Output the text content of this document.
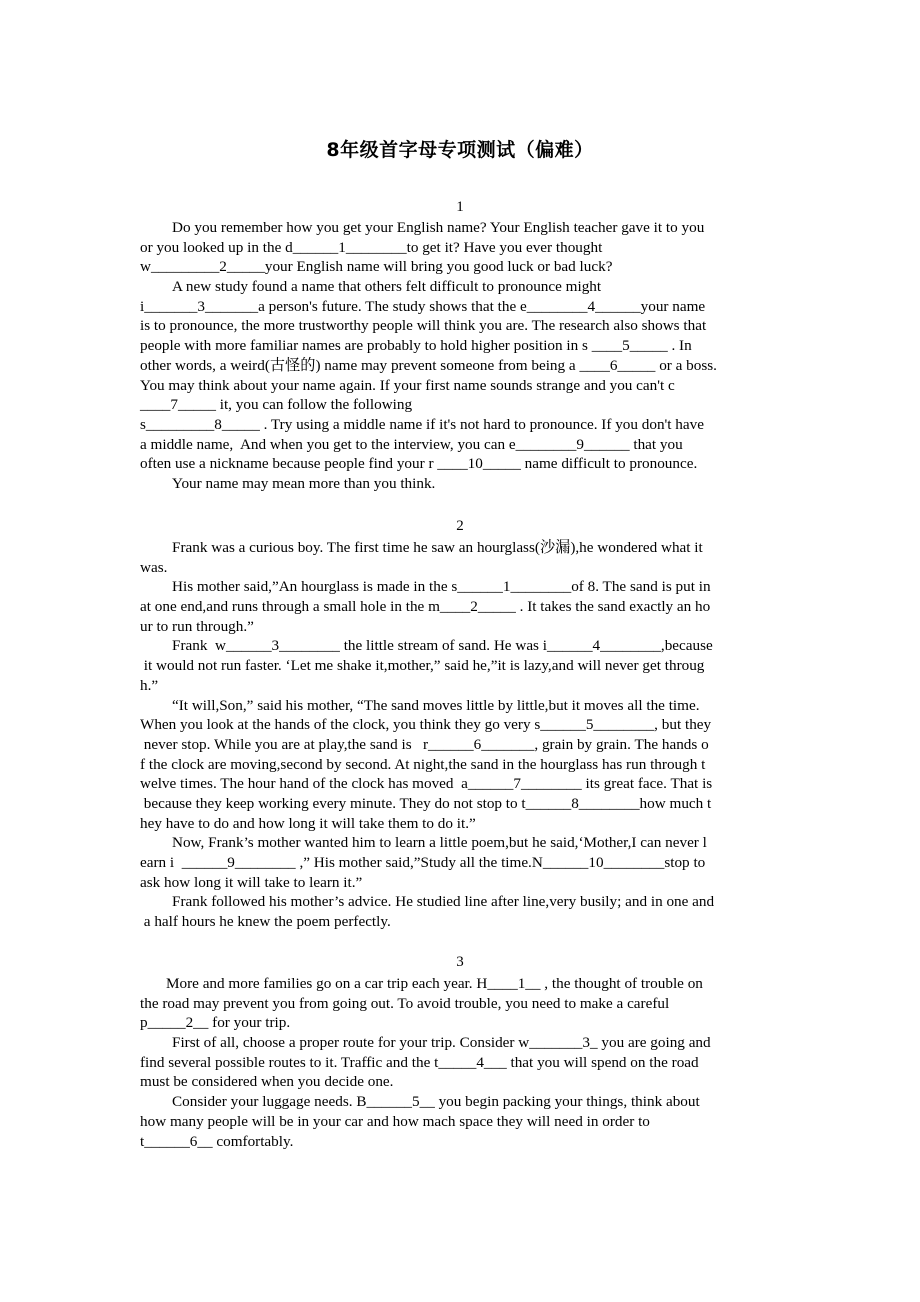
8年级首字母专项测试（偏难）
1
Do you remember how you get your English name? Your English teacher gave it to you
or you looked up in the d______1________to get it? Have you ever thought
w_________2_____your English name will bring you good luck or bad luck?
A new study found a name that others felt difficult to pronounce might
i_______3_______a person's future. The study shows that the e________4______your name
is to pronounce, the more trustworthy people will think you are. The research also shows that
people with more familiar names are probably to hold higher position in s ____5_____ . In
other words, a weird(古怪的) name may prevent someone from being a ____6_____ or a boss.
You may think about your name again. If your first name sounds strange and you can't c
____7_____ it, you can follow the following
s_________8_____ . Try using a middle name if it's not hard to pronounce. If you don't have
a middle name,  And when you get to the interview, you can e________9______ that you
often use a nickname because people find your r ____10_____ name difficult to pronounce.
Your name may mean more than you think.
2
Frank was a curious boy. The first time he saw an hourglass(沙漏),he wondered what it
was.
His mother said,”An hourglass is made in the s______1________of 8. The sand is put in
at one end,and runs through a small hole in the m____2_____ . It takes the sand exactly an ho
ur to run through.”
Frank  w______3________ the little stream of sand. He was i______4________,because
it would not run faster. ‘Let me shake it,mother,” said he,”it is lazy,and will never get throug
h.”
“It will,Son,” said his mother, “The sand moves little by little,but it moves all the time.
When you look at the hands of the clock, you think they go very s______5________, but they
never stop. While you are at play,the sand is   r______6_______, grain by grain. The hands o
f the clock are moving,second by second. At night,the sand in the hourglass has run through t
welve times. The hour hand of the clock has moved  a______7________ its great face. That is
because they keep working every minute. They do not stop to t______8________how much t
hey have to do and how long it will take them to do it.”
Now, Frank’s mother wanted him to learn a little poem,but he said,‘Mother,I can never l
earn i  ______9________ ,” His mother said,”Study all the time.N______10________stop to
ask how long it will take to learn it.”
Frank followed his mother’s advice. He studied line after line,very busily; and in one and
a half hours he knew the poem perfectly.
3
More and more families go on a car trip each year. H____1__ , the thought of trouble on
the road may prevent you from going out. To avoid trouble, you need to make a careful
p_____2__ for your trip.
First of all, choose a proper route for your trip. Consider w_______3_ you are going and
find several possible routes to it. Traffic and the t_____4___ that you will spend on the road
must be considered when you decide one.
Consider your luggage needs. B______5__ you begin packing your things, think about
how many people will be in your car and how mach space they will need in order to
t______6__ comfortably.
